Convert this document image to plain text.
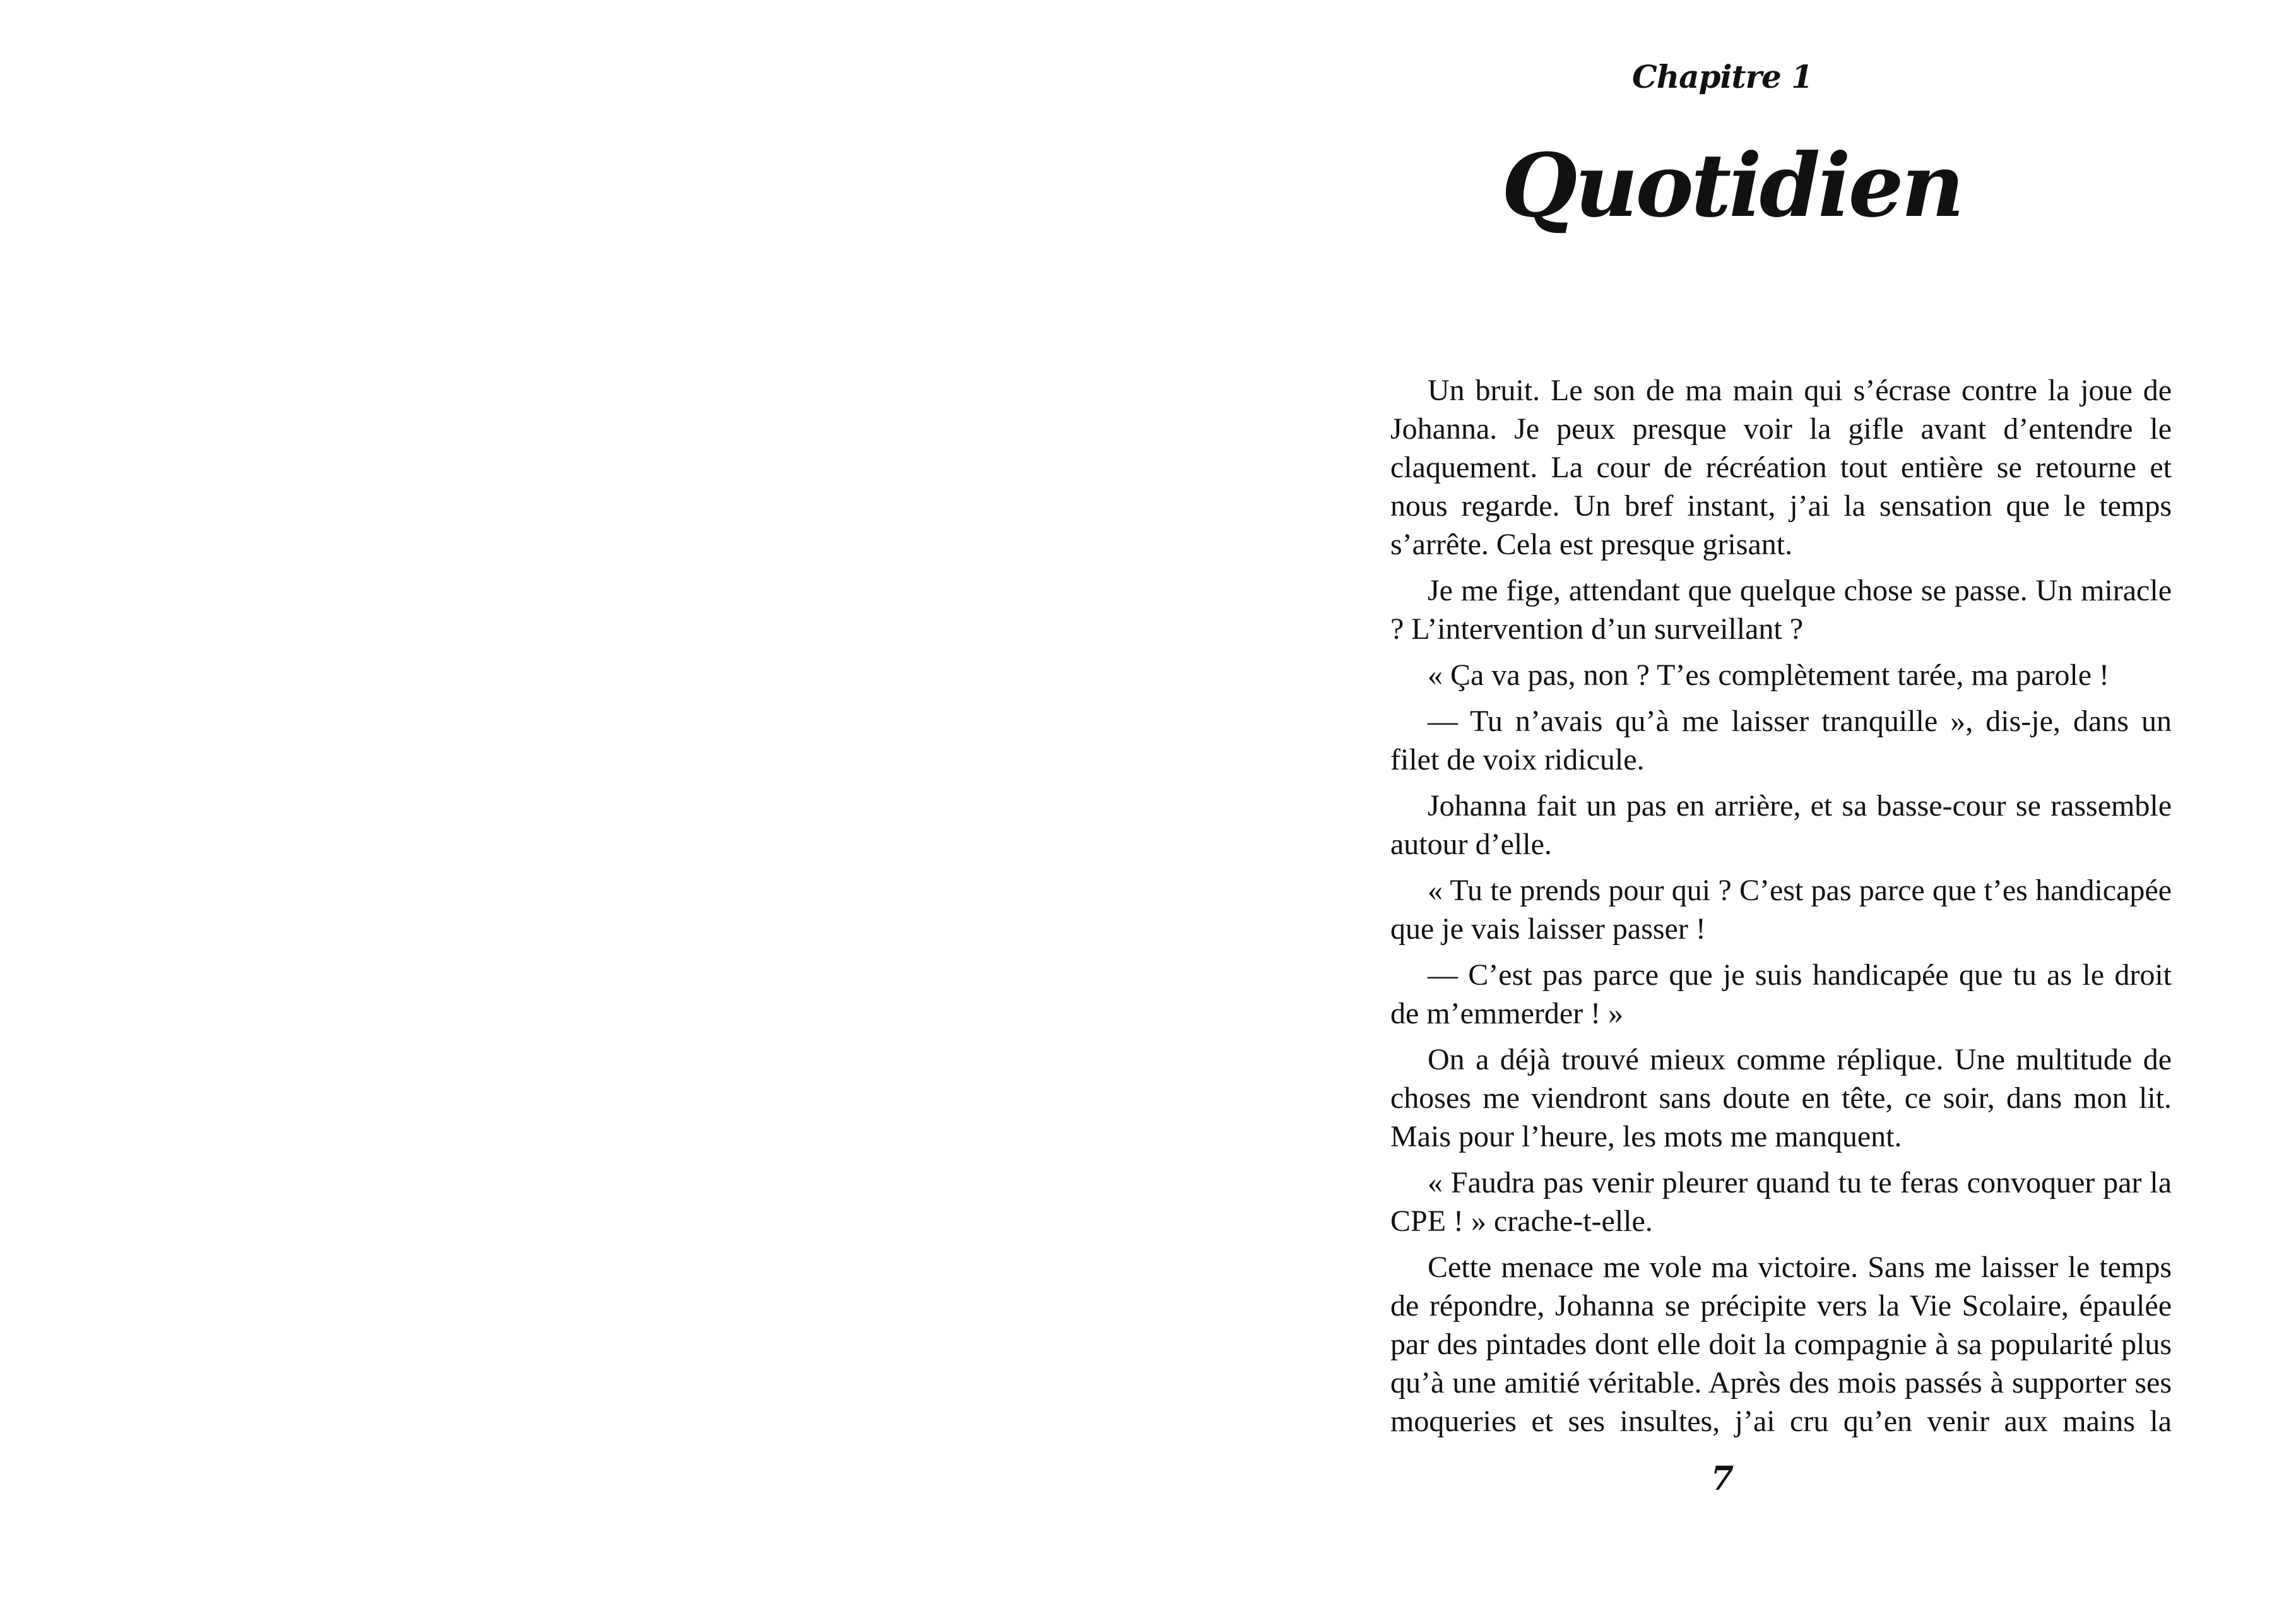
Chapitre 1
Quotidien

Un bruit. Le son de ma main qui s’écrase contre la joue de Johanna. Je peux presque voir la gifle avant d’entendre le claquement. La cour de récréation tout entière se retourne et nous regarde. Un bref instant, j’ai la sensation que le temps s’arrête. Cela est presque grisant.

Je me fige, attendant que quelque chose se passe. Un miracle ? L’intervention d’un surveillant ?

« Ça va pas, non ? T’es complètement tarée, ma parole !

— Tu n’avais qu’à me laisser tranquille », dis-je, dans un filet de voix ridicule.

Johanna fait un pas en arrière, et sa basse-cour se rassemble autour d’elle.

« Tu te prends pour qui ? C’est pas parce que t’es handicapée que je vais laisser passer !

— C’est pas parce que je suis handicapée que tu as le droit de m’emmerder ! »

On a déjà trouvé mieux comme réplique. Une multitude de choses me viendront sans doute en tête, ce soir, dans mon lit. Mais pour l’heure, les mots me manquent.

« Faudra pas venir pleurer quand tu te feras convoquer par la CPE ! » crache-t-elle.

Cette menace me vole ma victoire. Sans me laisser le temps de répondre, Johanna se précipite vers la Vie Scolaire, épaulée par des pintades dont elle doit la compagnie à sa popularité plus qu’à une amitié véritable. Après des mois passés à supporter ses moqueries et ses insultes, j’ai cru qu’en venir aux mains la

7
